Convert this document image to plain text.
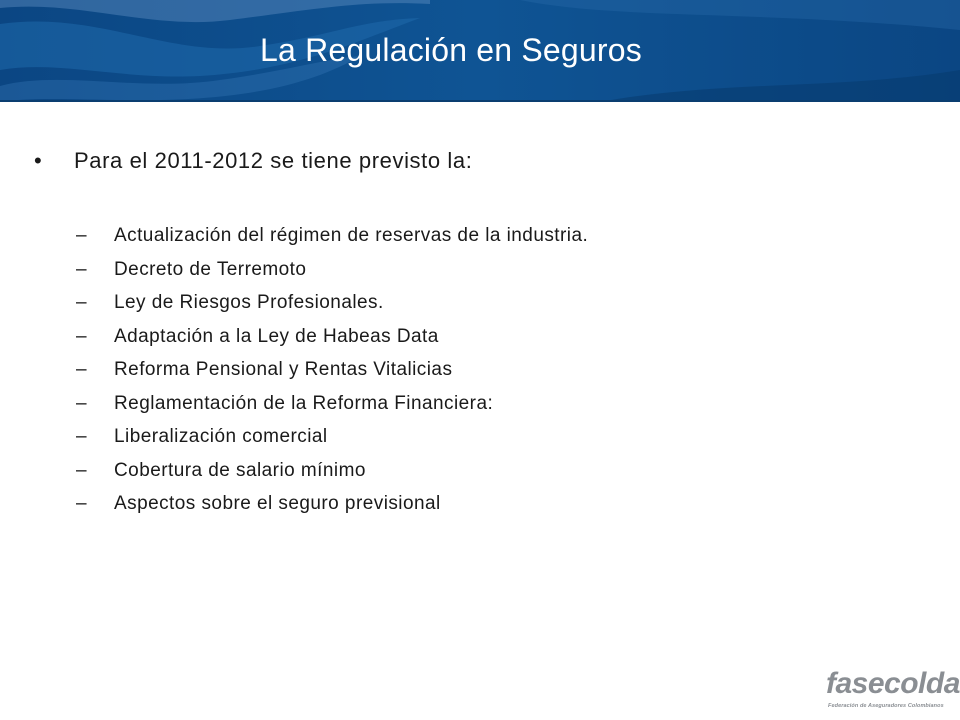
La Regulación en Seguros
• Para el 2011-2012 se tiene previsto la:
– Actualización del régimen de reservas de la industria.
– Decreto de Terremoto
– Ley de Riesgos Profesionales.
– Adaptación a la Ley de Habeas Data
– Reforma Pensional y Rentas Vitalicias
– Reglamentación de la Reforma Financiera:
– Liberalización comercial
– Cobertura de salario mínimo
– Aspectos sobre el seguro previsional
fasecolda
Federación de Aseguradores Colombianos
